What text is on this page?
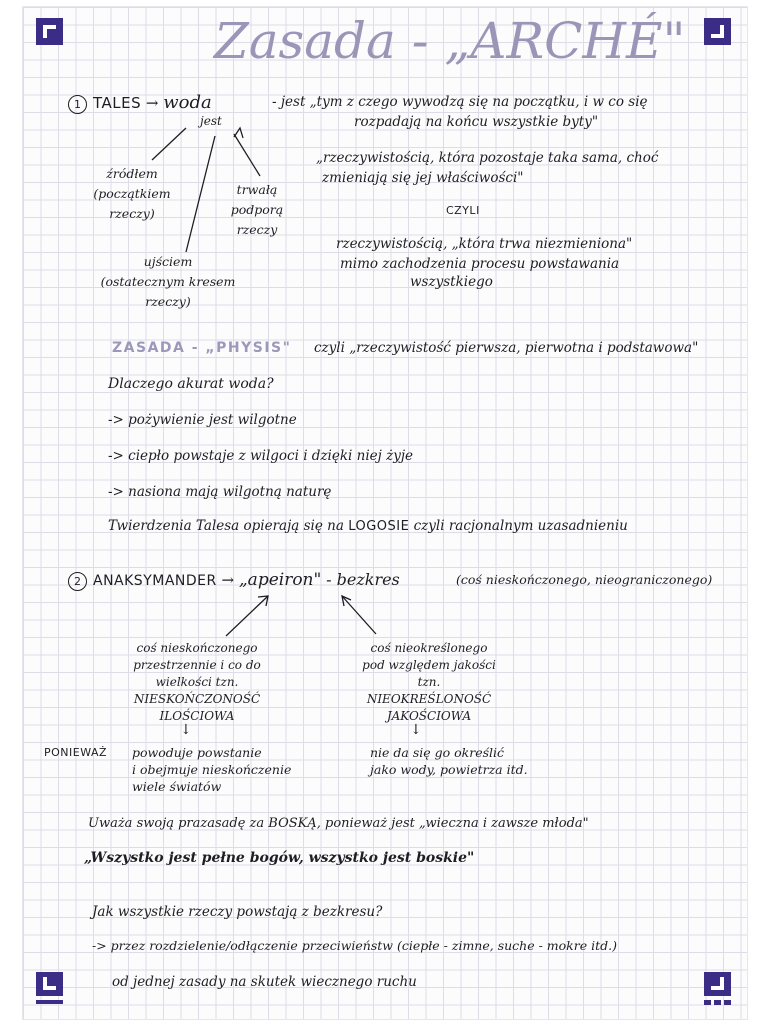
Zasada - „ARCHÉ"
1 TALES → woda	- jest „tym z czego wywodzą się na początku, i w co się
rozpadają na końcu wszystkie byty"
jest
źródłem
(początkiem
rzeczy)
trwałą
podporą
rzeczy
ujściem
(ostatecznym kresem
rzeczy)
„rzeczywistością, która pozostaje taka sama, choć
zmieniają się jej właściwości"
CZYLI
rzeczywistością, „która trwa niezmieniona"
mimo zachodzenia procesu powstawania
wszystkiego
ZASADA - „PHYSIS" czyli „rzeczywistość pierwsza, pierwotna i podstawowa"
Dlaczego akurat woda?
-> pożywienie jest wilgotne
-> ciepło powstaje z wilgoci i dzięki niej żyje
-> nasiona mają wilgotną naturę
Twierdzenia Talesa opierają się na LOGOSIE czyli racjonalnym uzasadnieniu
2 ANAKSYMANDER → „apeiron" - bezkres	(coś nieskończonego, nieograniczonego)
coś nieskończonego
przestrzennie i co do
wielkości tzn.
NIESKOŃCZONOŚĆ
ILOŚCIOWA
coś nieokreślonego
pod względem jakości
tzn.
NIEOKREŚLONOŚĆ
JAKOŚCIOWA
↓	↓
PONIEWAŻ powoduje powstanie
i obejmuje nieskończenie
wiele światów
nie da się go określić
jako wody, powietrza itd.
Uważa swoją prazasadę za BOSKĄ, ponieważ jest „wieczna i zawsze młoda"
„Wszystko jest pełne bogów, wszystko jest boskie"
Jak wszystkie rzeczy powstają z bezkresu?
-> przez rozdzielenie/odłączenie przeciwieństw (ciepłe - zimne, suche - mokre itd.)
od jednej zasady na skutek wiecznego ruchu
